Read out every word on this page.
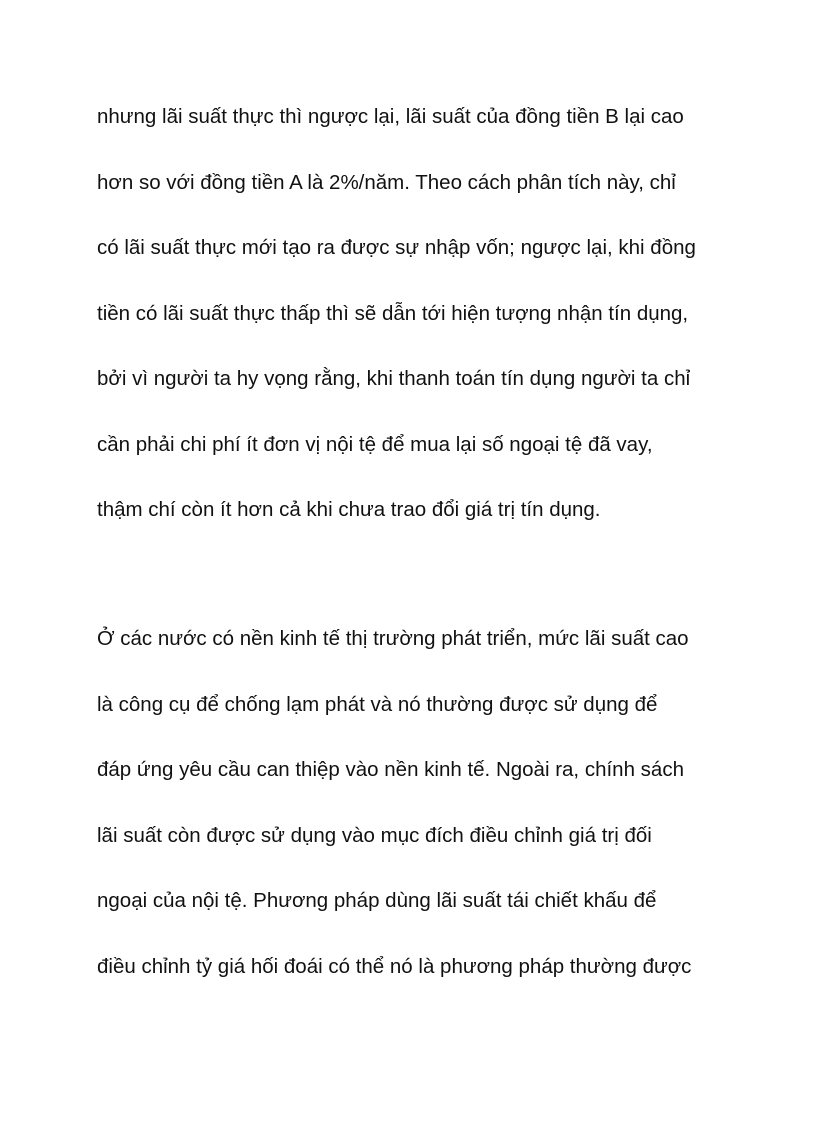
nhưng lãi suất thực thì ngược lại, lãi suất của đồng tiền B lại cao
hơn so với đồng tiền A là 2%/năm. Theo cách phân tích này, chỉ
có lãi suất thực mới tạo ra được sự nhập vốn; ngược lại, khi đồng
tiền có lãi suất thực thấp thì sẽ dẫn tới hiện tượng nhận tín dụng,
bởi vì người ta hy vọng rằng, khi thanh toán tín dụng người ta chỉ
cần phải chi phí ít đơn vị nội tệ để mua lại số ngoại tệ đã vay,
thậm chí còn ít hơn cả khi chưa trao đổi giá trị tín dụng.
Ở các nước có nền kinh tế thị trường phát triển, mức lãi suất cao
là công cụ để chống lạm phát và nó thường được sử dụng để
đáp ứng yêu cầu can thiệp vào nền kinh tế. Ngoài ra, chính sách
lãi suất còn được sử dụng vào mục đích điều chỉnh giá trị đối
ngoại của nội tệ. Phương pháp dùng lãi suất tái chiết khấu để
điều chỉnh tỷ giá hối đoái có thể nó là phương pháp thường được
